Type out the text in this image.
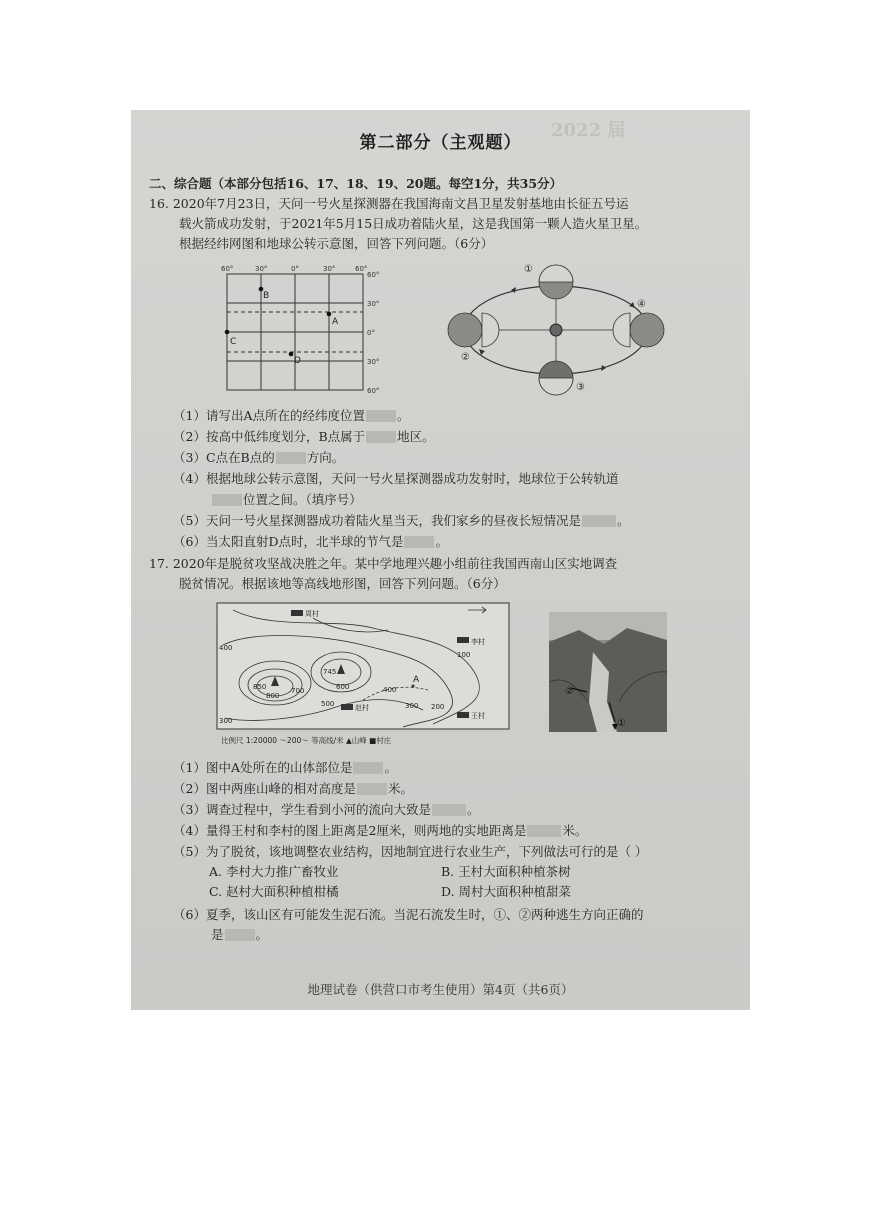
2022 届

第二部分（主观题）
二、综合题（本部分包括16、17、18、19、20题。每空1分，共35分）
16. 2020年7月23日，天问一号火星探测器在我国海南文昌卫星发射基地由长征五号运
载火箭成功发射，于2021年5月15日成功着陆火星，这是我国第一颗人造火星卫星。
根据经纬网图和地球公转示意图，回答下列问题。（6分）
60°	30°	0°	30°	60°
60°
30°
0°
30°
60°
A
B
C
D
①
②
③
④
（1）请写出A点所在的经纬度位置	。
（2）按高中低纬度划分，B点属于	地区。
（3）C点在B点的	方向。
（4）根据地球公转示意图，天问一号火星探测器成功发射时，地球位于公转轨道
位置之间。（填序号）
（5）天问一号火星探测器成功着陆火星当天，我们家乡的昼夜长短情况是	。
（6）当太阳直射D点时，北半球的节气是	。
17. 2020年是脱贫攻坚战决胜之年。某中学地理兴趣小组前往我国西南山区实地调查
脱贫情况。根据该地等高线地形图，回答下列问题。（6分）
周村
李村
赵村
王村
400
100
850
800
700
745
600
500
400
300 200
300
A
比例尺 1:20000 ～200～ 等高线/米 ▲山峰 ■村庄
②
①
（1）图中A处所在的山体部位是	。
（2）图中两座山峰的相对高度是	米。
（3）调查过程中，学生看到小河的流向大致是	。
（4）量得王村和李村的图上距离是2厘米，则两地的实地距离是	米。
（5）为了脱贫，该地调整农业结构，因地制宜进行农业生产，下列做法可行的是（ ）
A. 李村大力推广畜牧业	B. 王村大面积种植茶树
C. 赵村大面积种植柑橘	D. 周村大面积种植甜菜
（6）夏季，该山区有可能发生泥石流。当泥石流发生时，①、②两种逃生方向正确的
是	。
地理试卷（供营口市考生使用）第4页（共6页）
